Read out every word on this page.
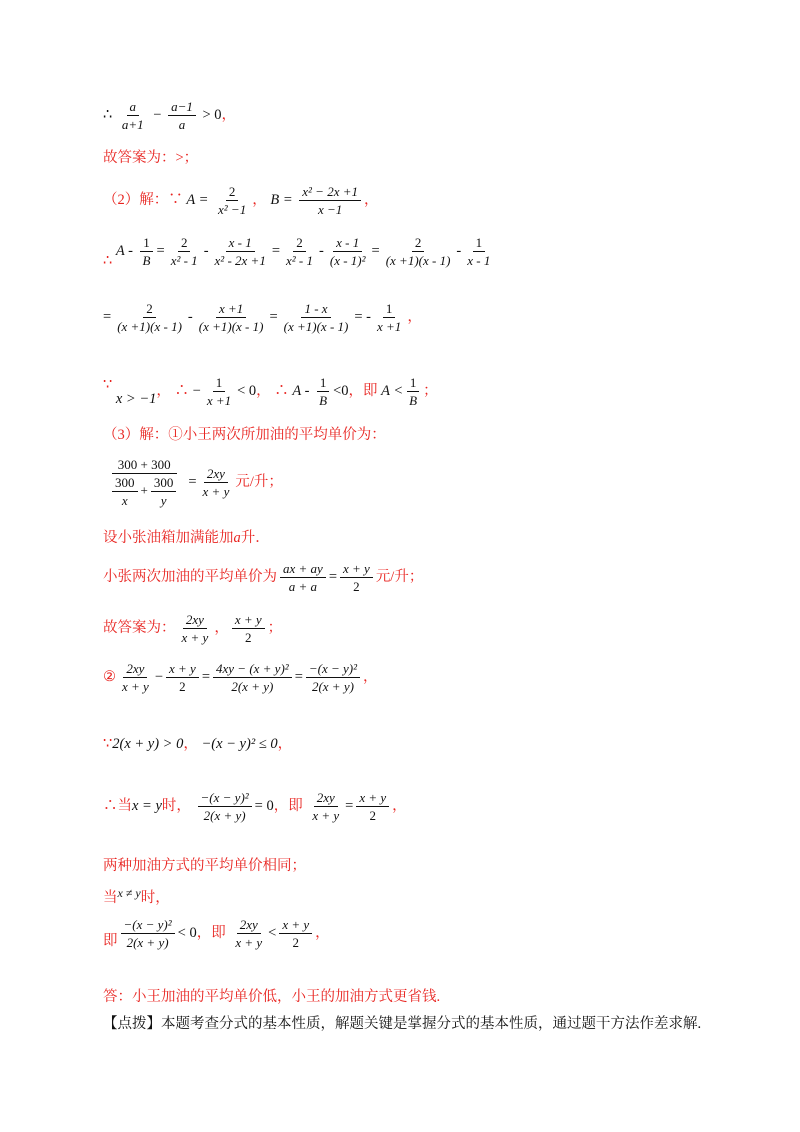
∴ $\frac{a}{a+1} - \frac{a-1}{a} > 0$，
故答案为：>；
（2）解：∵ $A = \frac{2}{\text{x² −1}}$ ， $B = \frac{\text{x² − 2x +1}}{x -1}$ ，
∴ $A - \frac{1}{B} = \frac{2}{\text{x² - 1}} - \frac{x - 1}{\text{x² - 2x +1}} = \frac{2}{\text{x² - 1}} - \frac{x - 1}{\text{(x - 1)²}} = \frac{2}{(x +1)(x - 1)} - \frac{1}{x - 1}$
= $\frac{2}{(x +1)(x - 1)} - \frac{x +1}{(x +1)(x - 1)} = \frac{1 - x}{(x +1)(x - 1)}$ = - $\frac{1}{x +1}$ ，
∵ x > −1， ∴ − $\frac{1}{x +1} < 0$， ∴ $A - \frac{1}{B} <0$，即 $A < \frac{1}{B}$ ；
（3）解：①小王两次所加油的平均单价为：
$\frac{300 + 300}{\frac{300}{x} + \frac{300}{y}} = \frac{2xy}{x + y}$ 元/升；
设小张油箱加满能加a升．
小张两次加油的平均单价为 $\frac{ax + ay}{a + a} = \frac{x + y}{2}$ 元/升；
故答案为： $\frac{2xy}{x + y}$ ， $\frac{x + y}{2}$ ；
② $\frac{2xy}{x + y} - \frac{x + y}{2} = \frac{\text{4xy − (x + y)²}}{2(x + y)} = \frac{\text{−(x − y)²}}{2(x + y)}$ ，
∵2(x + y) > 0， −(x − y)² ≤ 0，
∴当x = y时， $\frac{\text{−(x − y)²}}{2(x + y)} = 0$，即 $\frac{2xy}{x + y} = \frac{x + y}{2}$ ，
两种加油方式的平均单价相同；
当$^{x \ne y}$时，
即 $\frac{\text{−(x − y)²}}{2(x + y)} < 0$，即 $\frac{2xy}{x + y} < \frac{x + y}{2}$ ，
答：小王加油的平均单价低，小王的加油方式更省钱.
【点拨】本题考查分式的基本性质，解题关键是掌握分式的基本性质，通过题干方法作差求解.
